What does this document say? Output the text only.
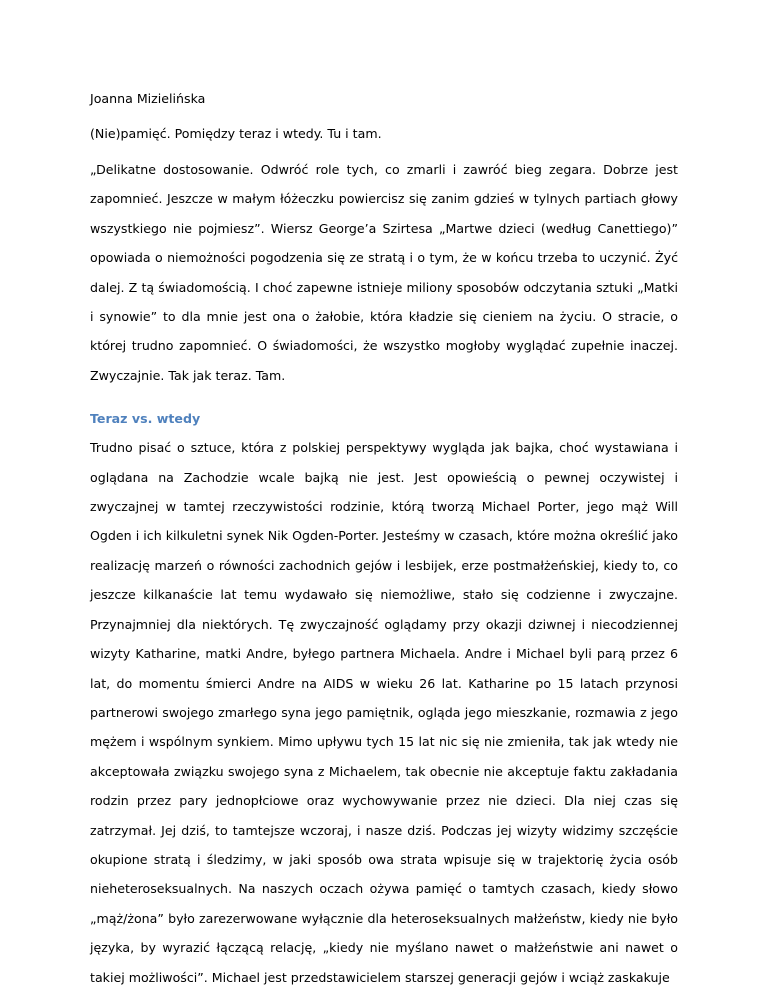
Joanna Mizielińska

(Nie)pamięć. Pomiędzy teraz i wtedy. Tu i tam.

„Delikatne dostosowanie. Odwróć role tych, co zmarli i zawróć bieg zegara. Dobrze jest zapomnieć. Jeszcze w małym łóżeczku powiercisz się zanim gdzieś w tylnych partiach głowy wszystkiego nie pojmiesz”. Wiersz George’a Szirtesa „Martwe dzieci (według Canettiego)” opowiada o niemożności pogodzenia się ze stratą i o tym, że w końcu trzeba to uczynić. Żyć dalej. Z tą świadomością. I choć zapewne istnieje miliony sposobów odczytania sztuki „Matki i synowie” to dla mnie jest ona o żałobie, która kładzie się cieniem na życiu. O stracie, o której trudno zapomnieć. O świadomości, że wszystko mogłoby wyglądać zupełnie inaczej. Zwyczajnie. Tak jak teraz. Tam.

Teraz vs. wtedy

Trudno pisać o sztuce, która z polskiej perspektywy wygląda jak bajka, choć wystawiana i oglądana na Zachodzie wcale bajką nie jest. Jest opowieścią o pewnej oczywistej i zwyczajnej w tamtej rzeczywistości rodzinie, którą tworzą Michael Porter, jego mąż Will Ogden i ich kilkuletni synek Nik Ogden-Porter. Jesteśmy w czasach, które można określić jako realizację marzeń o równości zachodnich gejów i lesbijek, erze postmałżeńskiej, kiedy to, co jeszcze kilkanaście lat temu wydawało się niemożliwe, stało się codzienne i zwyczajne. Przynajmniej dla niektórych. Tę zwyczajność oglądamy przy okazji dziwnej i niecodziennej wizyty Katharine, matki Andre, byłego partnera Michaela. Andre i Michael byli parą przez 6 lat, do momentu śmierci Andre na AIDS w wieku 26 lat. Katharine po 15 latach przynosi partnerowi swojego zmarłego syna jego pamiętnik, ogląda jego mieszkanie, rozmawia z jego mężem i wspólnym synkiem. Mimo upływu tych 15 lat nic się nie zmieniła, tak jak wtedy nie akceptowała związku swojego syna z Michaelem, tak obecnie nie akceptuje faktu zakładania rodzin przez pary jednopłciowe oraz wychowywanie przez nie dzieci. Dla niej czas się zatrzymał. Jej dziś, to tamtejsze wczoraj, i nasze dziś. Podczas jej wizyty widzimy szczęście okupione stratą i śledzimy, w jaki sposób owa strata wpisuje się w trajektorię życia osób nieheteroseksualnych. Na naszych oczach ożywa pamięć o tamtych czasach, kiedy słowo „mąż/żona” było zarezerwowane wyłącznie dla heteroseksualnych małżeństw, kiedy nie było języka, by wyrazić łączącą relację, „kiedy nie myślano nawet o małżeństwie ani nawet o takiej możliwości”. Michael jest przedstawicielem starszej generacji gejów i wciąż zaskakuje
